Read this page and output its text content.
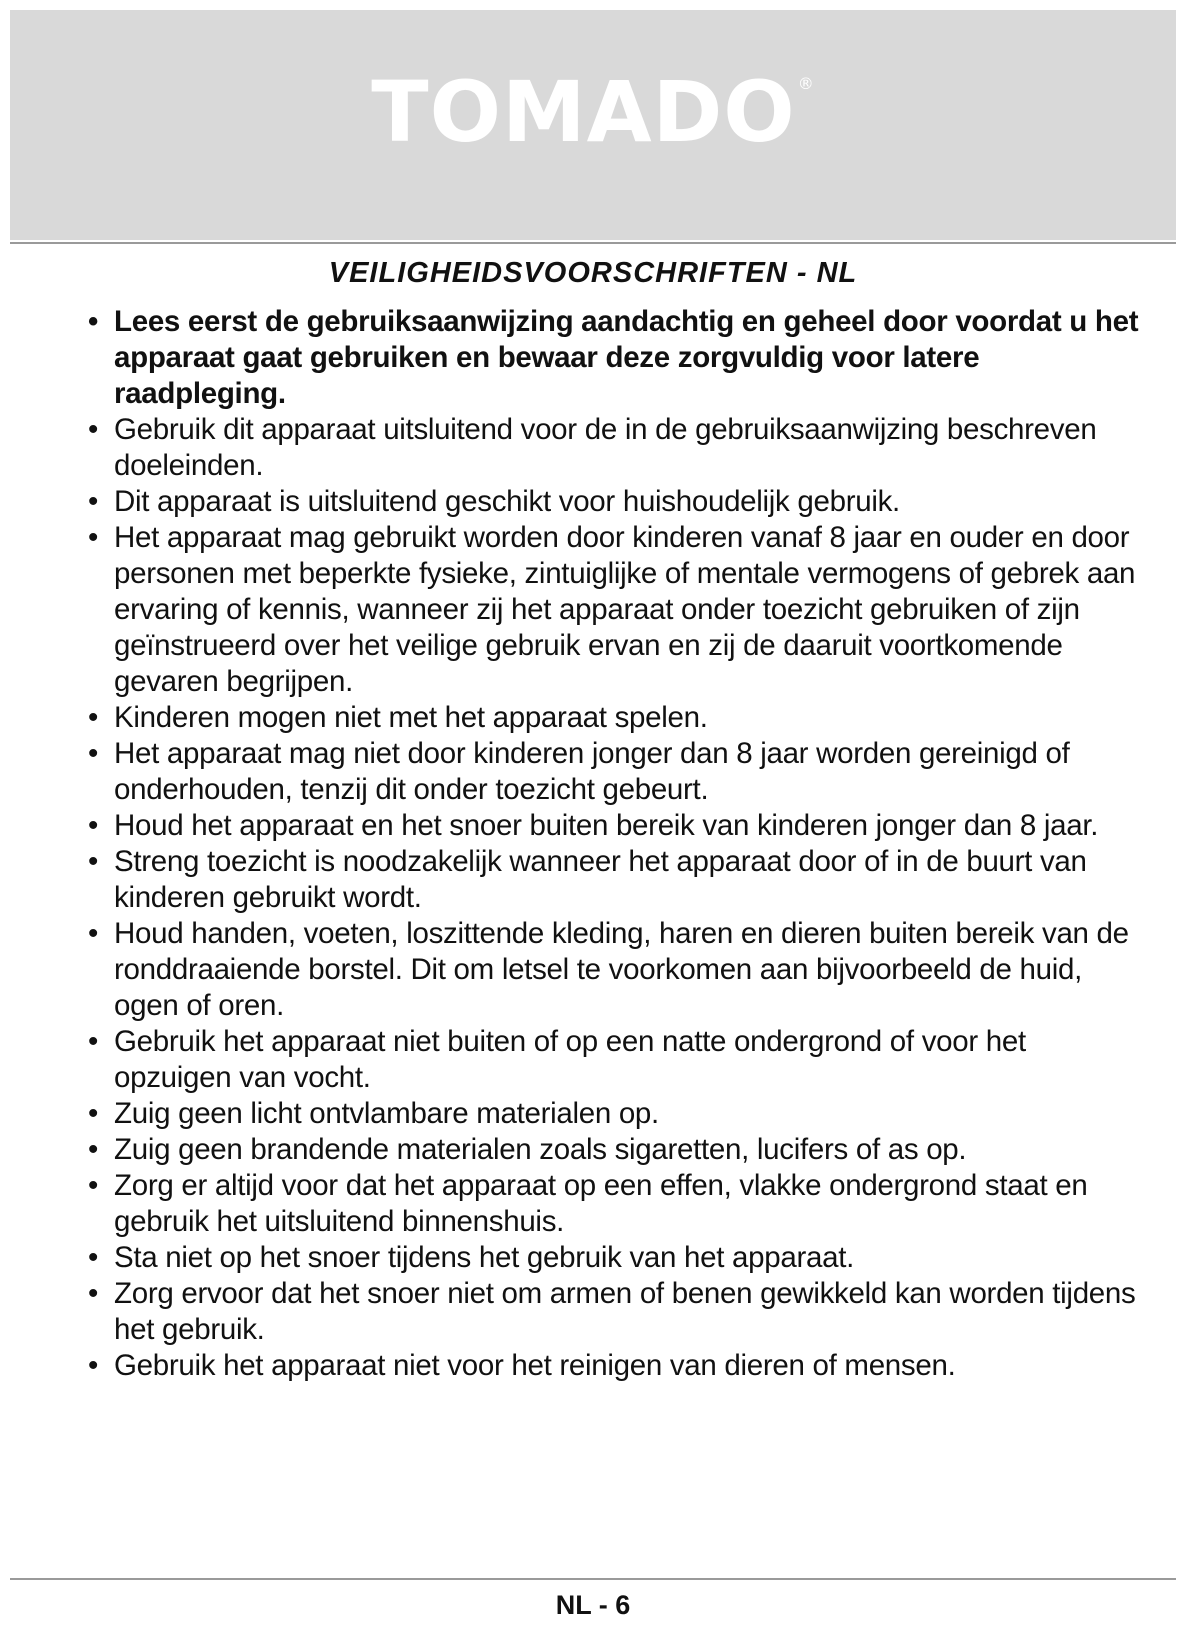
TOMADO ®
VEILIGHEIDSVOORSCHRIFTEN - NL
• Lees eerst de gebruiksaanwijzing aandachtig en geheel door voordat u het apparaat gaat gebruiken en bewaar deze zorgvuldig voor latere raadpleging.
• Gebruik dit apparaat uitsluitend voor de in de gebruiksaanwijzing beschreven doeleinden.
• Dit apparaat is uitsluitend geschikt voor huishoudelijk gebruik.
• Het apparaat mag gebruikt worden door kinderen vanaf 8 jaar en ouder en door personen met beperkte fysieke, zintuiglijke of mentale vermogens of gebrek aan ervaring of kennis, wanneer zij het apparaat onder toezicht gebruiken of zijn geïnstrueerd over het veilige gebruik ervan en zij de daaruit voortkomende gevaren begrijpen.
• Kinderen mogen niet met het apparaat spelen.
• Het apparaat mag niet door kinderen jonger dan 8 jaar worden gereinigd of onderhouden, tenzij dit onder toezicht gebeurt.
• Houd het apparaat en het snoer buiten bereik van kinderen jonger dan 8 jaar.
• Streng toezicht is noodzakelijk wanneer het apparaat door of in de buurt van kinderen gebruikt wordt.
• Houd handen, voeten, loszittende kleding, haren en dieren buiten bereik van de ronddraaiende borstel. Dit om letsel te voorkomen aan bijvoorbeeld de huid, ogen of oren.
• Gebruik het apparaat niet buiten of op een natte ondergrond of voor het opzuigen van vocht.
• Zuig geen licht ontvlambare materialen op.
• Zuig geen brandende materialen zoals sigaretten, lucifers of as op.
• Zorg er altijd voor dat het apparaat op een effen, vlakke ondergrond staat en gebruik het uitsluitend binnenshuis.
• Sta niet op het snoer tijdens het gebruik van het apparaat.
• Zorg ervoor dat het snoer niet om armen of benen gewikkeld kan worden tijdens het gebruik.
• Gebruik het apparaat niet voor het reinigen van dieren of mensen.
NL - 6
